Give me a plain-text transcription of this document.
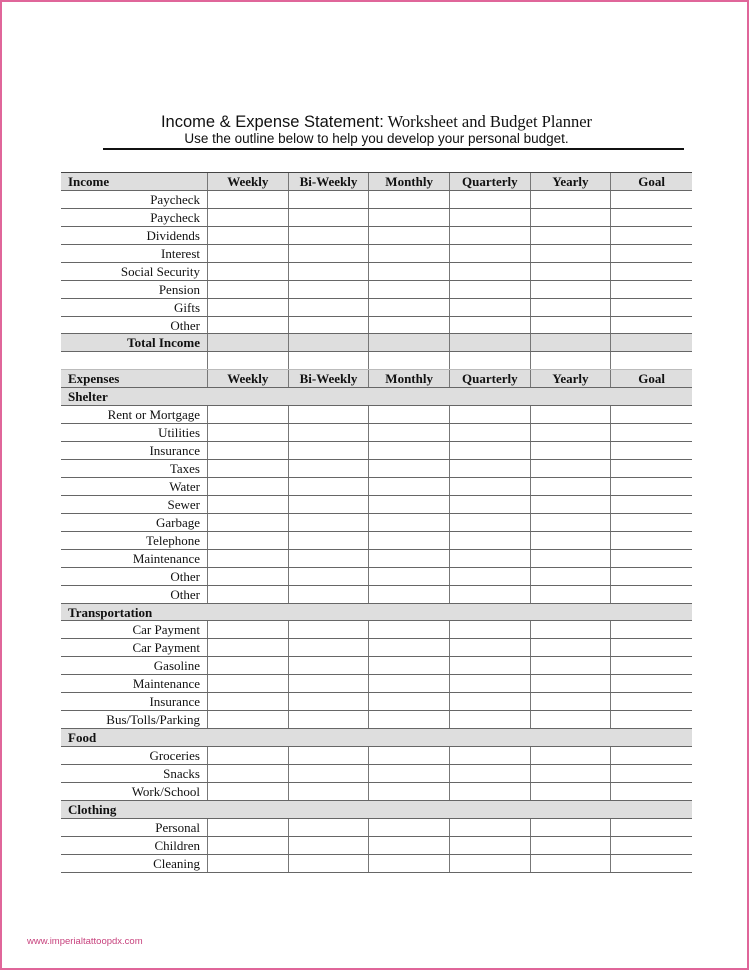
Income & Expense Statement: Worksheet and Budget Planner
Use the outline below to help you develop your personal budget.
Income	Weekly	Bi-Weekly	Monthly	Quarterly	Yearly	Goal
Paycheck
Paycheck
Dividends
Interest
Social Security
Pension
Gifts
Other
Total Income
Expenses	Weekly	Bi-Weekly	Monthly	Quarterly	Yearly	Goal
Shelter
Rent or Mortgage
Utilities
Insurance
Taxes
Water
Sewer
Garbage
Telephone
Maintenance
Other
Other
Transportation
Car Payment
Car Payment
Gasoline
Maintenance
Insurance
Bus/Tolls/Parking
Food
Groceries
Snacks
Work/School
Clothing
Personal
Children
Cleaning
www.imperialtattoopdx.com
